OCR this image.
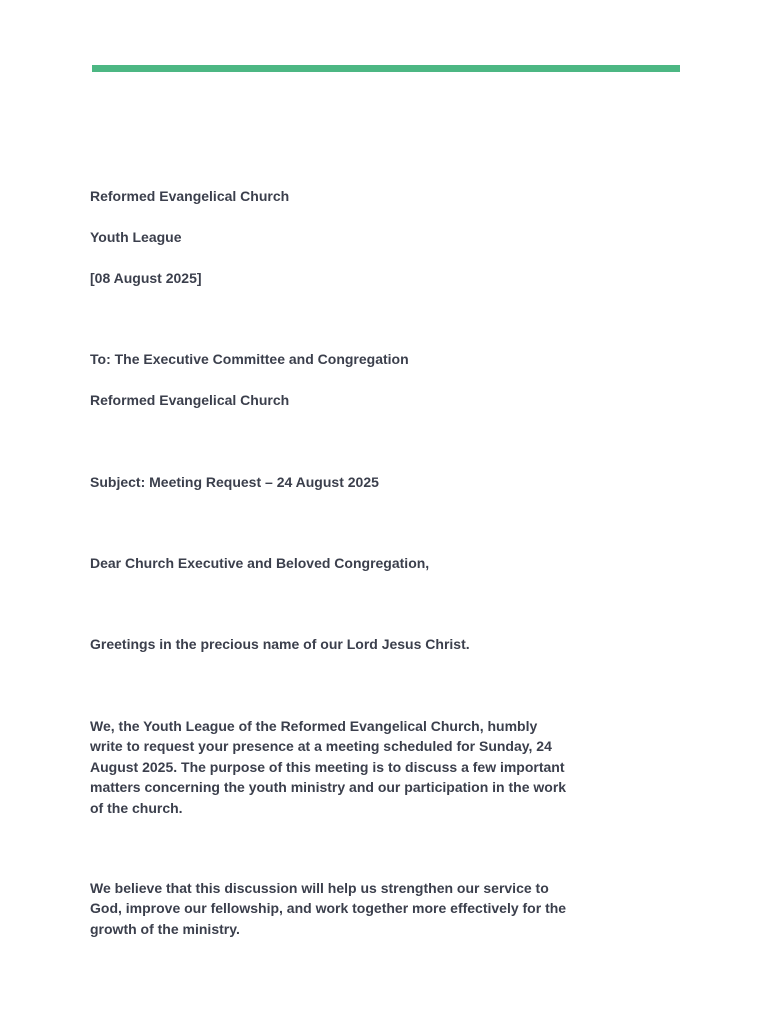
Reformed Evangelical Church

Youth League

[08 August 2025]

To: The Executive Committee and Congregation

Reformed Evangelical Church

Subject: Meeting Request – 24 August 2025

Dear Church Executive and Beloved Congregation,

Greetings in the precious name of our Lord Jesus Christ.

We, the Youth League of the Reformed Evangelical Church, humbly write to request your presence at a meeting scheduled for Sunday, 24 August 2025. The purpose of this meeting is to discuss a few important matters concerning the youth ministry and our participation in the work of the church.

We believe that this discussion will help us strengthen our service to God, improve our fellowship, and work together more effectively for the growth of the ministry.
